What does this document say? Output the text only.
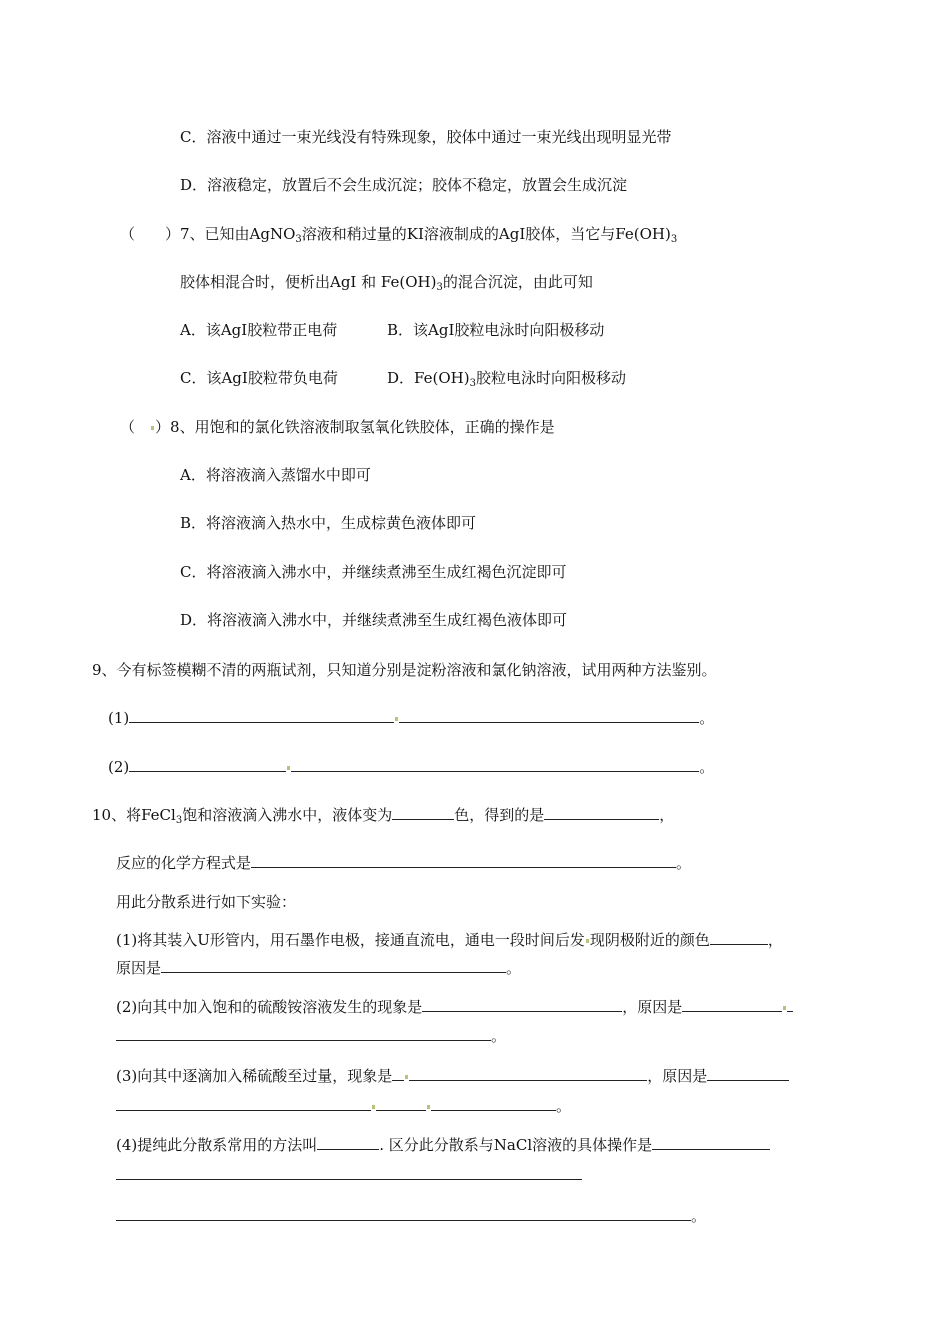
C．溶液中通过一束光线没有特殊现象，胶体中通过一束光线出现明显光带
D．溶液稳定，放置后不会生成沉淀；胶体不稳定，放置会生成沉淀
（　　）7、已知由AgNO$_3$溶液和稍过量的KI溶液制成的AgI胶体，当它与$Fe(OH)_3$
胶体相混合时，便析出AgI 和 $Fe(OH)_3$的混合沉淀，由此可知
A．该AgI胶粒带正电荷	B．该AgI胶粒电泳时向阳极移动
C．该AgI胶粒带负电荷	D．$Fe(OH)_3$胶粒电泳时向阳极移动
（　）8、用饱和的氯化铁溶液制取氢氧化铁胶体，正确的操作是
A．将溶液滴入蒸馏水中即可
B．将溶液滴入热水中，生成棕黄色液体即可
C．将溶液滴入沸水中，并继续煮沸至生成红褐色沉淀即可
D．将溶液滴入沸水中，并继续煮沸至生成红褐色液体即可
9、今有标签模糊不清的两瓶试剂，只知道分别是淀粉溶液和氯化钠溶液，试用两种方法鉴别。
(1)	。
(2)	。
10、将FeCl$_3$饱和溶液滴入沸水中，液体变为	色，得到的是	，
反应的化学方程式是	。
用此分散系进行如下实验：
(1)将其装入U形管内，用石墨作电极，接通直流电，通电一段时间后发 现阴极附近的颜色	，
原因是	。
(2)向其中加入饱和的硫酸铵溶液发生的现象是	，原因是
。
(3)向其中逐滴加入稀硫酸至过量，现象是	，原因是
。
(4)提纯此分散系常用的方法叫	. 区分此分散系与NaCl溶液的具体操作是
。
